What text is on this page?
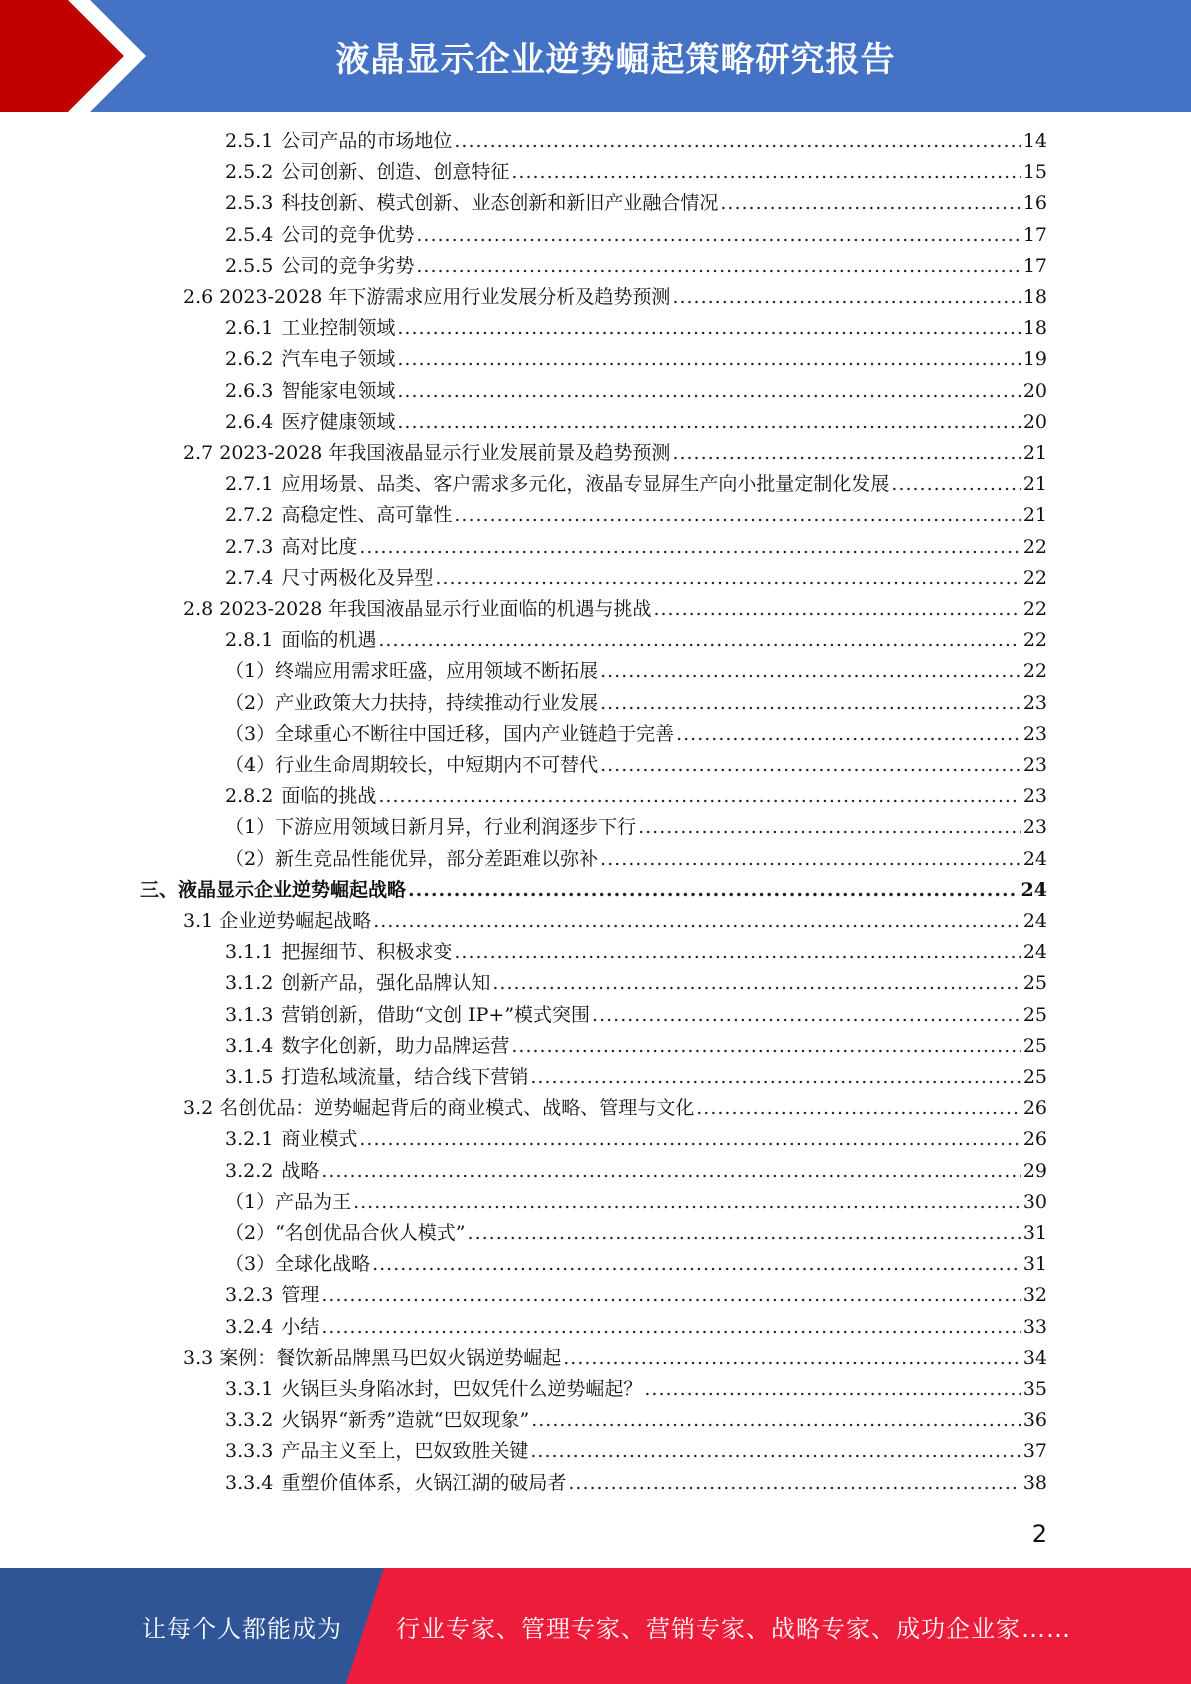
液晶显示企业逆势崛起策略研究报告
2.5.1 公司产品的市场地位 .....	14
2.5.2 公司创新、创造、创意特征 .....	15
2.5.3 科技创新、模式创新、业态创新和新旧产业融合情况 .....	16
2.5.4 公司的竞争优势 .....	17
2.5.5 公司的竞争劣势 .....	17
2.6 2023-2028 年下游需求应用行业发展分析及趋势预测 .....	18
2.6.1 工业控制领域 .....	18
2.6.2 汽车电子领域 .....	19
2.6.3 智能家电领域 .....	20
2.6.4 医疗健康领域 .....	20
2.7 2023-2028 年我国液晶显示行业发展前景及趋势预测 .....	21
2.7.1 应用场景、品类、客户需求多元化，液晶专显屏生产向小批量定制化发展 .....	21
2.7.2 高稳定性、高可靠性 .....	21
2.7.3 高对比度 .....	22
2.7.4 尺寸两极化及异型 .....	22
2.8 2023-2028 年我国液晶显示行业面临的机遇与挑战 .....	22
2.8.1 面临的机遇 .....	22
（1）终端应用需求旺盛，应用领域不断拓展 .....	22
（2）产业政策大力扶持，持续推动行业发展 .....	23
（3）全球重心不断往中国迁移，国内产业链趋于完善 .....	23
（4）行业生命周期较长，中短期内不可替代 .....	23
2.8.2 面临的挑战 .....	23
（1）下游应用领域日新月异，行业利润逐步下行 .....	23
（2）新生竞品性能优异，部分差距难以弥补 .....	24
三、液晶显示企业逆势崛起战略 .....	24
3.1 企业逆势崛起战略 .....	24
3.1.1 把握细节、积极求变 .....	24
3.1.2 创新产品，强化品牌认知 .....	25
3.1.3 营销创新，借助“文创 IP+”模式突围 .....	25
3.1.4 数字化创新，助力品牌运营 .....	25
3.1.5 打造私域流量，结合线下营销 .....	25
3.2 名创优品：逆势崛起背后的商业模式、战略、管理与文化 .....	26
3.2.1 商业模式 .....	26
3.2.2 战略 .....	29
（1）产品为王 .....	30
（2）“名创优品合伙人模式” .....	31
（3）全球化战略 .....	31
3.2.3 管理 .....	32
3.2.4 小结 .....	33
3.3 案例：餐饮新品牌黑马巴奴火锅逆势崛起 .....	34
3.3.1 火锅巨头身陷冰封，巴奴凭什么逆势崛起？ .....	35
3.3.2 火锅界“新秀”造就“巴奴现象” .....	36
3.3.3 产品主义至上，巴奴致胜关键 .....	37
3.3.4 重塑价值体系，火锅江湖的破局者 .....	38
2
让每个人都能成为 行业专家、管理专家、营销专家、战略专家、成功企业家……
